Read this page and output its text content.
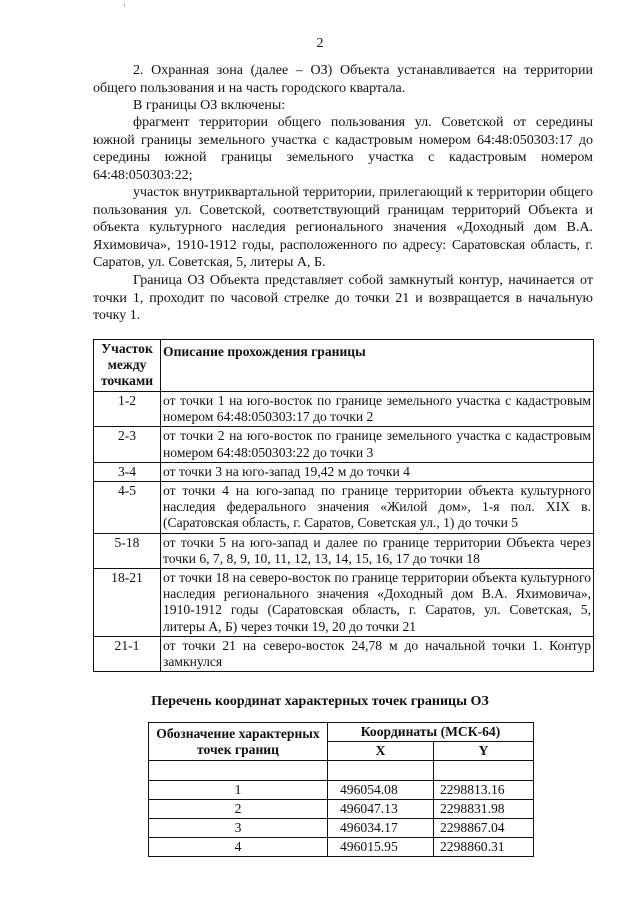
2

2. Охранная зона (далее – ОЗ) Объекта устанавливается на территории общего пользования и на часть городского квартала.

В границы ОЗ включены:

фрагмент территории общего пользования ул. Советской от середины южной границы земельного участка с кадастровым номером 64:48:050303:17 до середины южной границы земельного участка с кадастровым номером 64:48:050303:22;

участок внутриквартальной территории, прилегающий к территории общего пользования ул. Советской, соответствующий границам территорий Объекта и объекта культурного наследия регионального значения «Доходный дом В.А. Яхимовича», 1910-1912 годы, расположенного по адресу: Саратовская область, г. Саратов, ул. Советская, 5, литеры А, Б.

Граница ОЗ Объекта представляет собой замкнутый контур, начинается от точки 1, проходит по часовой стрелке до точки 21 и возвращается в начальную точку 1.

Участок между точками	Описание прохождения границы
1-2	от точки 1 на юго-восток по границе земельного участка с кадастровым номером 64:48:050303:17 до точки 2
2-3	от точки 2 на юго-восток по границе земельного участка с кадастровым номером 64:48:050303:22 до точки 3
3-4	от точки 3 на юго-запад 19,42 м до точки 4
4-5	от точки 4 на юго-запад по границе территории объекта культурного наследия федерального значения «Жилой дом», 1-я пол. XIX в. (Саратовская область, г. Саратов, Советская ул., 1) до точки 5
5-18	от точки 5 на юго-запад и далее по границе территории Объекта через точки 6, 7, 8, 9, 10, 11, 12, 13, 14, 15, 16, 17 до точки 18
18-21	от точки 18 на северо-восток по границе территории объекта культурного наследия регионального значения «Доходный дом В.А. Яхимовича», 1910-1912 годы (Саратовская область, г. Саратов, ул. Советская, 5, литеры А, Б) через точки 19, 20 до точки 21
21-1	от точки 21 на северо-восток 24,78 м до начальной точки 1. Контур замкнулся
Перечень координат характерных точек границы ОЗ
Обозначение характерных точек границ	Координаты (МСК-64)	
	X	Y

1	496054.08	2298813.16
2	496047.13	2298831.98
3	496034.17	2298867.04
4	496015.95	2298860.31
